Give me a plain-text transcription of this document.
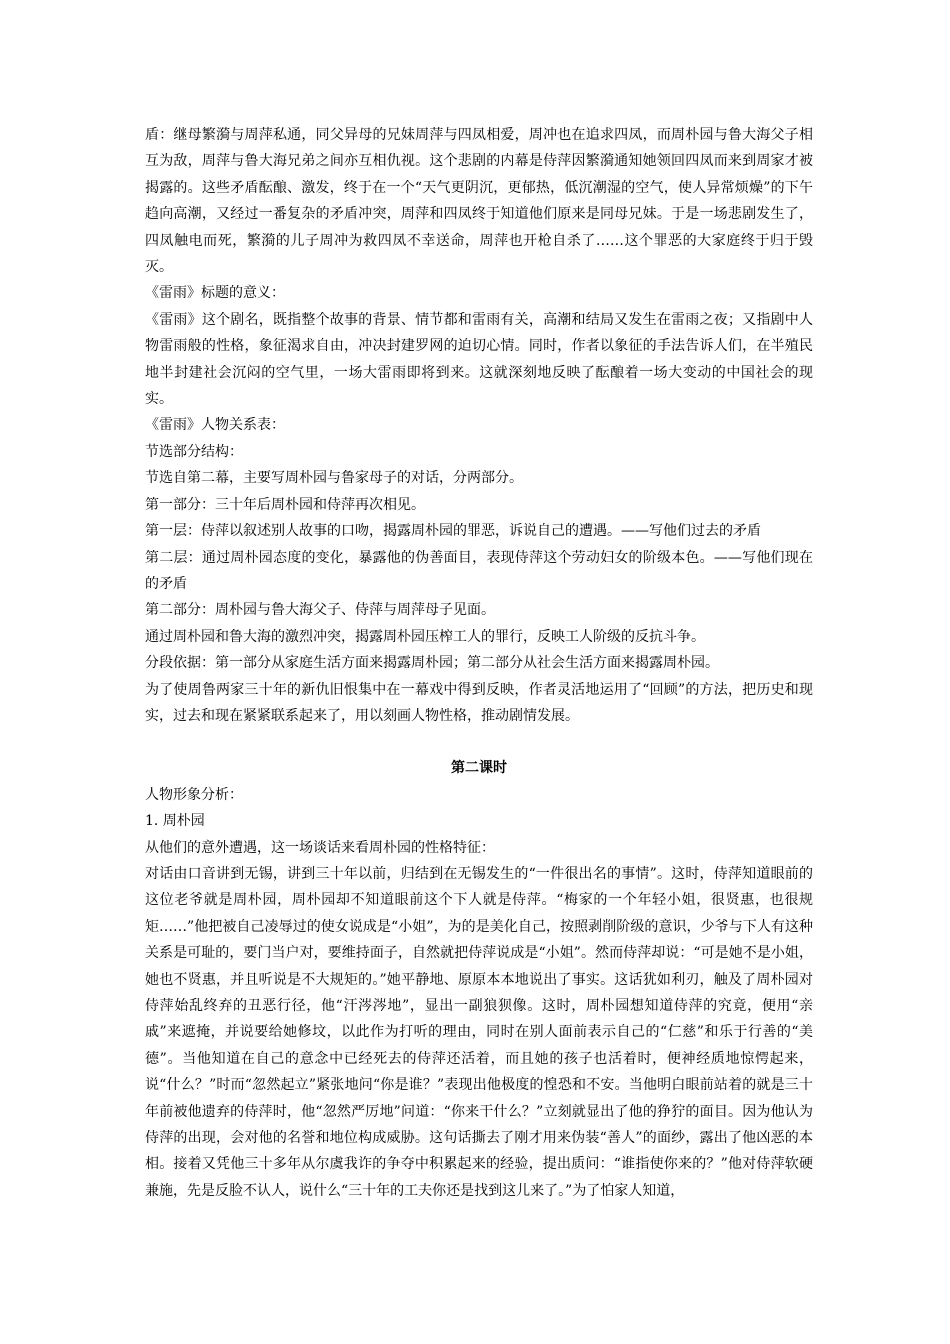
盾：继母繁漪与周萍私通，同父异母的兄妹周萍与四凤相爱，周冲也在追求四凤，而周朴园与鲁大海父子相互为敌，周萍与鲁大海兄弟之间亦互相仇视。这个悲剧的内幕是侍萍因繁漪通知她领回四凤而来到周家才被揭露的。这些矛盾酝酿、激发，终于在一个“天气更阴沉，更郁热，低沉潮湿的空气，使人异常烦燥”的下午趋向高潮，又经过一番复杂的矛盾冲突，周萍和四凤终于知道他们原来是同母兄妹。于是一场悲剧发生了，四凤触电而死，繁漪的儿子周冲为救四凤不幸送命，周萍也开枪自杀了……这个罪恶的大家庭终于归于毁灭。

《雷雨》标题的意义：

《雷雨》这个剧名，既指整个故事的背景、情节都和雷雨有关，高潮和结局又发生在雷雨之夜；又指剧中人物雷雨般的性格，象征渴求自由，冲决封建罗网的迫切心情。同时，作者以象征的手法告诉人们，在半殖民地半封建社会沉闷的空气里，一场大雷雨即将到来。这就深刻地反映了酝酿着一场大变动的中国社会的现实。

《雷雨》人物关系表：

节选部分结构：

节选自第二幕，主要写周朴园与鲁家母子的对话，分两部分。

第一部分：三十年后周朴园和侍萍再次相见。

第一层：侍萍以叙述别人故事的口吻，揭露周朴园的罪恶，诉说自己的遭遇。——写他们过去的矛盾

第二层：通过周朴园态度的变化，暴露他的伪善面目，表现侍萍这个劳动妇女的阶级本色。——写他们现在的矛盾

第二部分：周朴园与鲁大海父子、侍萍与周萍母子见面。

通过周朴园和鲁大海的激烈冲突，揭露周朴园压榨工人的罪行，反映工人阶级的反抗斗争。

分段依据：第一部分从家庭生活方面来揭露周朴园；第二部分从社会生活方面来揭露周朴园。

为了使周鲁两家三十年的新仇旧恨集中在一幕戏中得到反映，作者灵活地运用了“回顾”的方法，把历史和现实，过去和现在紧紧联系起来了，用以刻画人物性格，推动剧情发展。

第二课时

人物形象分析：

1. 周朴园

从他们的意外遭遇，这一场谈话来看周朴园的性格特征：

对话由口音讲到无锡，讲到三十年以前，归结到在无锡发生的“一件很出名的事情”。这时，侍萍知道眼前的这位老爷就是周朴园，周朴园却不知道眼前这个下人就是侍萍。“梅家的一个年轻小姐，很贤惠，也很规矩……”他把被自己凌辱过的使女说成是“小姐”，为的是美化自己，按照剥削阶级的意识，少爷与下人有这种关系是可耻的，要门当户对，要维持面子，自然就把侍萍说成是“小姐”。然而侍萍却说：“可是她不是小姐，她也不贤惠，并且听说是不大规矩的。”她平静地、原原本本地说出了事实。这话犹如利刃，触及了周朴园对侍萍始乱终弃的丑恶行径，他“汗涔涔地”，显出一副狼狈像。这时，周朴园想知道侍萍的究竟，便用“亲戚”来遮掩，并说要给她修坟，以此作为打听的理由，同时在别人面前表示自己的“仁慈”和乐于行善的“美德”。当他知道在自己的意念中已经死去的侍萍还活着，而且她的孩子也活着时，便神经质地惊愕起来，说“什么？”时而“忽然起立”紧张地问“你是谁？”表现出他极度的惶恐和不安。当他明白眼前站着的就是三十年前被他遗弃的侍萍时，他“忽然严厉地”问道：“你来干什么？”立刻就显出了他的狰狞的面目。因为他认为侍萍的出现，会对他的名誉和地位构成威胁。这句话撕去了刚才用来伪装“善人”的面纱，露出了他凶恶的本相。接着又凭他三十多年从尔虞我诈的争夺中积累起来的经验，提出质问：“谁指使你来的？”他对侍萍软硬兼施，先是反脸不认人，说什么“三十年的工夫你还是找到这儿来了。”为了怕家人知道，
